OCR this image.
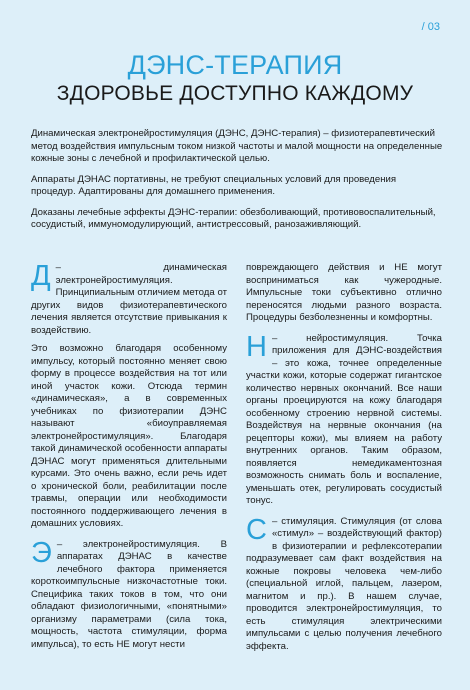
/ 03
ДЭНС-ТЕРАПИЯ
ЗДОРОВЬЕ ДОСТУПНО КАЖДОМУ

Динамическая электронейростимуляция (ДЭНС, ДЭНС-терапия) – физиотерапевтический метод воздействия импульсным током низкой частоты и малой мощности на определенные кожные зоны с лечебной и профилактической целью.

Аппараты ДЭНАС портативны, не требуют специальных условий для проведения процедур. Адаптированы для домашнего применения.

Доказаны лечебные эффекты ДЭНС-терапии: обезболивающий, противовоспалительный, сосудистый, иммуномодулирующий, антистрессовый, ранозаживляющий.

Д – динамическая электронейростимуляция. Принципиальным отличием метода от других видов физиотерапевтического лечения является отсутствие привыкания к воздействию.

Это возможно благодаря особенному импульсу, который постоянно меняет свою форму в процессе воздействия на тот или иной участок кожи. Отсюда термин «динамическая», а в современных учебниках по физиотерапии ДЭНС называют «биоуправляемая электронейростимуляция». Благодаря такой динамической особенности аппараты ДЭНАС могут применяться длительными курсами. Это очень важно, если речь идет о хронической боли, реабилитации после травмы, операции или необходимости постоянного поддерживающего лечения в домашних условиях.

Э – электронейростимуляция. В аппаратах ДЭНАС в качестве лечебного фактора применяется короткоимпульсные низкочастотные токи. Специфика таких токов в том, что они обладают физиологичными, «понятными» организму параметрами (сила тока, мощность, частота стимуляции, форма импульса), то есть НЕ могут нести

повреждающего действия и НЕ могут восприниматься как чужеродные. Импульсные токи субъективно отлично переносятся людьми разного возраста. Процедуры безболезненны и комфортны.

Н – нейростимуляция. Точка приложения для ДЭНС-воздействия – это кожа, точнее определенные участки кожи, которые содержат гигантское количество нервных окончаний. Все наши органы проецируются на кожу благодаря особенному строению нервной системы. Воздействуя на нервные окончания (на рецепторы кожи), мы влияем на работу внутренних органов. Таким образом, появляется немедикаментозная возможность снимать боль и воспаление, уменьшать отек, регулировать сосудистый тонус.

С – стимуляция. Стимуляция (от слова «стимул» – воздействующий фактор) в физиотерапии и рефлексотерапии подразумевает сам факт воздействия на кожные покровы человека чем-либо (специальной иглой, пальцем, лазером, магнитом и пр.). В нашем случае, проводится электронейростимуляция, то есть стимуляция электрическими импульсами с целью получения лечебного эффекта.
